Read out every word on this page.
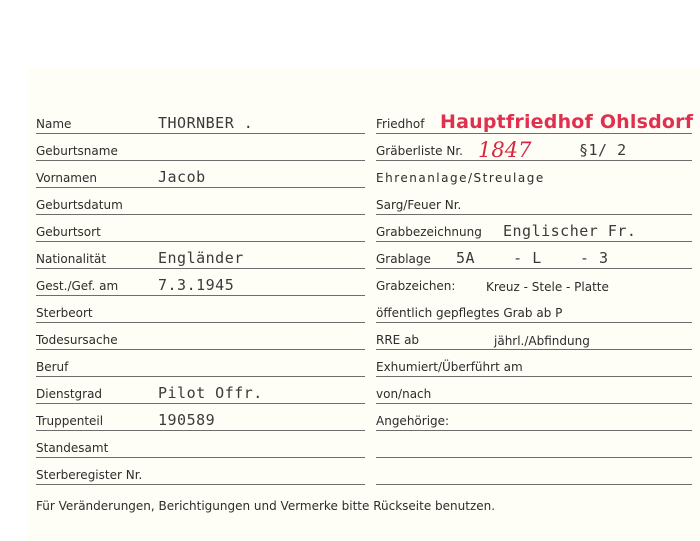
Name	THORNBER .
Geburtsname
Vornamen	Jacob
Geburtsdatum
Geburtsort
Nationalität	Engländer
Gest./Gef. am	7.3.1945
Sterbeort
Todesursache
Beruf
Dienstgrad	Pilot Offr.
Truppenteil	190589
Standesamt
Sterberegister Nr.
Friedhof Hauptfriedhof Ohlsdorf
Gräberliste Nr. 1847	§1/ 2
Ehrenanlage/Streulage
Sarg/Feuer Nr.
Grabbezeichnung Englischer Fr.
Grablage 5A    - L    - 3
Grabzeichen:	Kreuz - Stele - Platte
öffentlich gepflegtes Grab ab P
RRE ab	jährl./Abfindung
Exhumiert/Überführt am
von/nach
Angehörige:
Für Veränderungen, Berichtigungen und Vermerke bitte Rückseite benutzen.
